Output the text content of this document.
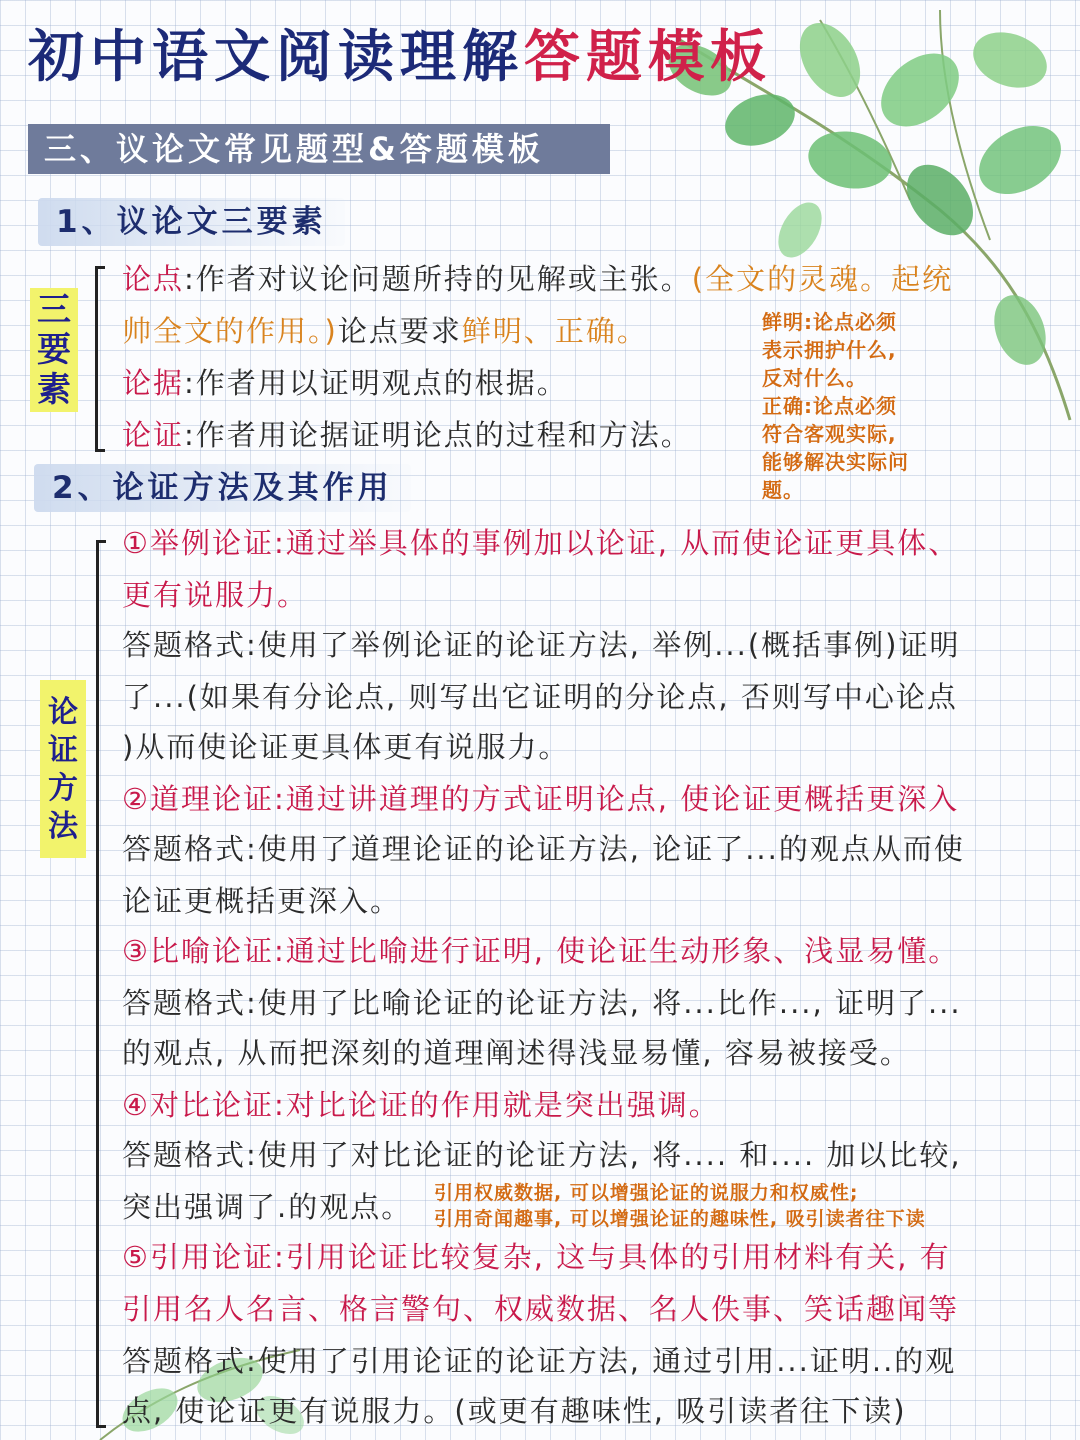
初中语文阅读理解答题模板
三、议论文常见题型&答题模板
1、议论文三要素
三
要
素
论点:作者对议论问题所持的见解或主张。(全文的灵魂。起统
帅全文的作用。)论点要求鲜明、正确。
论据:作者用以证明观点的根据。
论证:作者用论据证明论点的过程和方法。
鲜明:论点必须
表示拥护什么,
反对什么。
正确:论点必须
符合客观实际,
能够解决实际问
题。
2、论证方法及其作用
论
证
方
法
①举例论证:通过举具体的事例加以论证, 从而使论证更具体、
更有说服力。
答题格式:使用了举例论证的论证方法, 举例...(概括事例)证明
了...(如果有分论点, 则写出它证明的分论点, 否则写中心论点
)从而使论证更具体更有说服力。
②道理论证:通过讲道理的方式证明论点, 使论证更概括更深入
答题格式:使用了道理论证的论证方法, 论证了...的观点从而使
论证更概括更深入。
③比喻论证:通过比喻进行证明, 使论证生动形象、浅显易懂。
答题格式:使用了比喻论证的论证方法, 将...比作..., 证明了...
的观点, 从而把深刻的道理阐述得浅显易懂, 容易被接受。
④对比论证:对比论证的作用就是突出强调。
答题格式:使用了对比论证的论证方法, 将.... 和.... 加以比较,
突出强调了.的观点。 引用权威数据, 可以增强论证的说服力和权威性;
引用奇闻趣事, 可以增强论证的趣味性, 吸引读者往下读
⑤引用论证:引用论证比较复杂, 这与具体的引用材料有关, 有
引用名人名言、格言警句、权威数据、名人佚事、笑话趣闻等
答题格式:使用了引用论证的论证方法, 通过引用...证明..的观
点, 使论证更有说服力。(或更有趣味性, 吸引读者往下读)
